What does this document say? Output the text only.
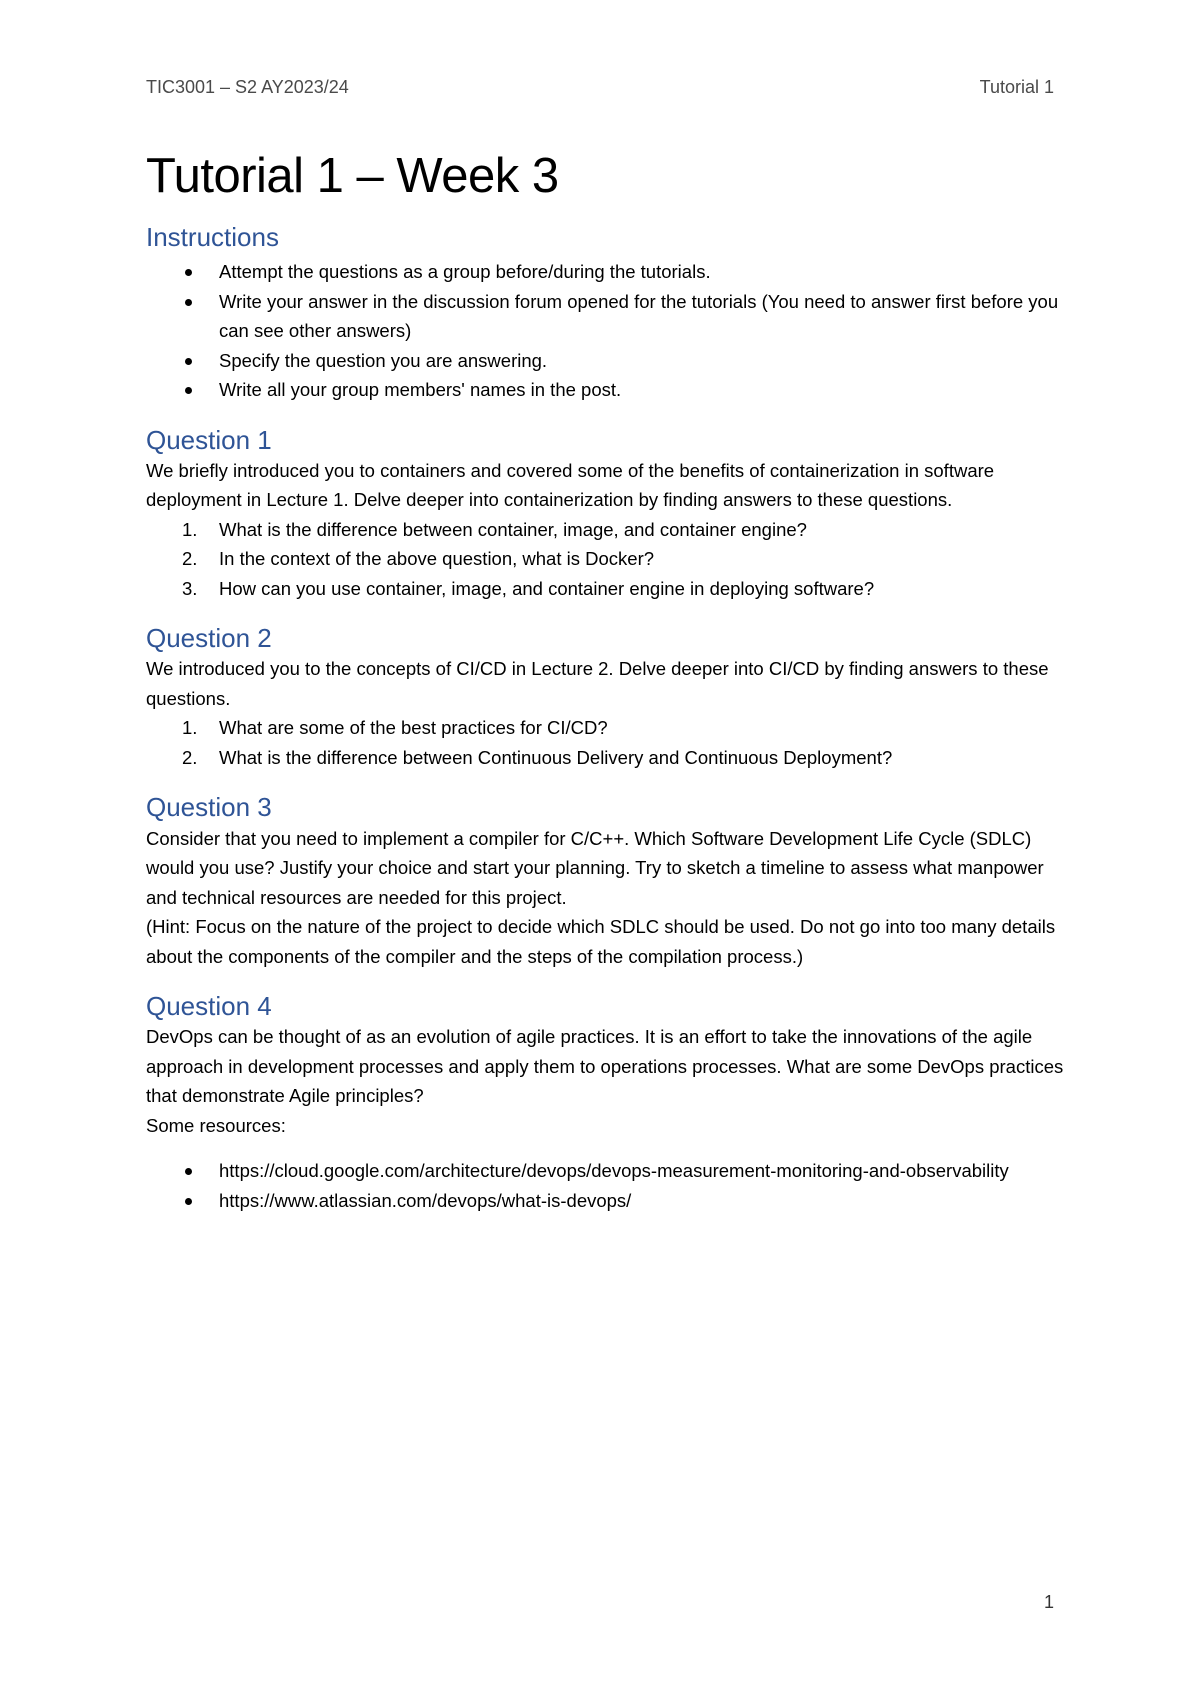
TIC3001 – S2 AY2023/24	Tutorial 1
Tutorial 1 – Week 3
Instructions
Attempt the questions as a group before/during the tutorials.
Write your answer in the discussion forum opened for the tutorials (You need to answer first before you can see other answers)
Specify the question you are answering.
Write all your group members' names in the post.
Question 1

We briefly introduced you to containers and covered some of the benefits of containerization in software deployment in Lecture 1. Delve deeper into containerization by finding answers to these questions.

1. What is the difference between container, image, and container engine?
2. In the context of the above question, what is Docker?
3. How can you use container, image, and container engine in deploying software?
Question 2

We introduced you to the concepts of CI/CD in Lecture 2. Delve deeper into CI/CD by finding answers to these questions.

1. What are some of the best practices for CI/CD?
2. What is the difference between Continuous Delivery and Continuous Deployment?
Question 3

Consider that you need to implement a compiler for C/C++. Which Software Development Life Cycle (SDLC) would you use? Justify your choice and start your planning. Try to sketch a timeline to assess what manpower and technical resources are needed for this project.

(Hint: Focus on the nature of the project to decide which SDLC should be used. Do not go into too many details about the components of the compiler and the steps of the compilation process.)

Question 4

DevOps can be thought of as an evolution of agile practices. It is an effort to take the innovations of the agile approach in development processes and apply them to operations processes. What are some DevOps practices that demonstrate Agile principles?

Some resources:

https://cloud.google.com/architecture/devops/devops-measurement-monitoring-and-observability
https://www.atlassian.com/devops/what-is-devops/
1
